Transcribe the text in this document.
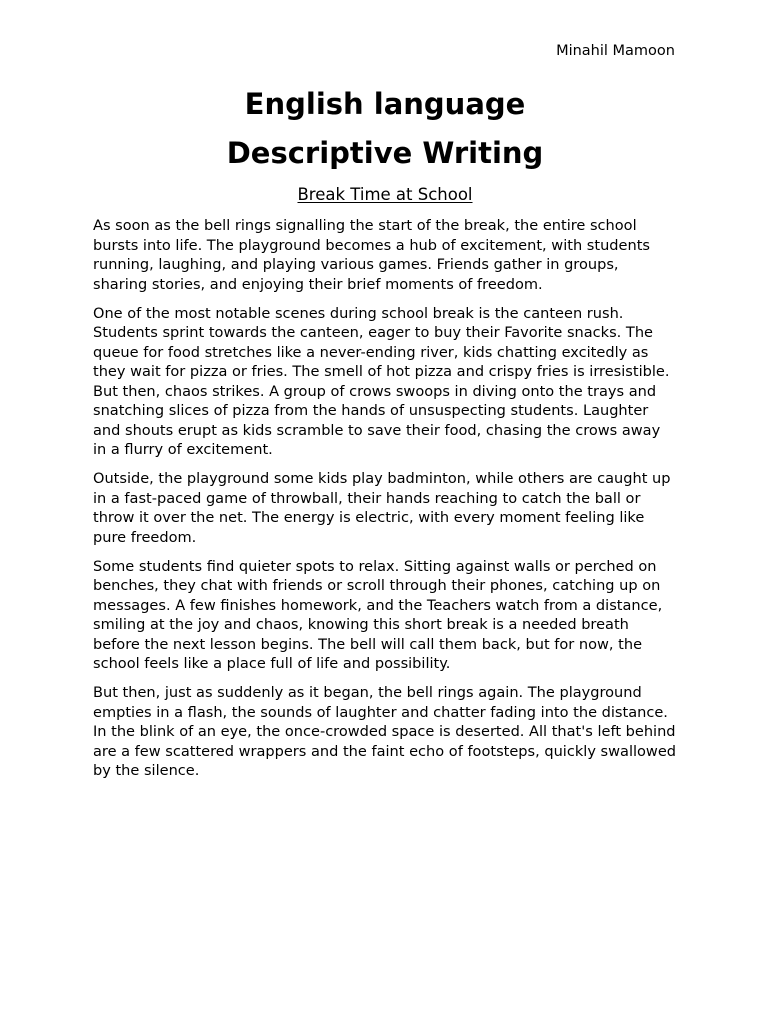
Minahil Mamoon
English language
Descriptive Writing
Break Time at School

As soon as the bell rings signalling the start of the break, the entire school bursts into life. The playground becomes a hub of excitement, with students running, laughing, and playing various games. Friends gather in groups, sharing stories, and enjoying their brief moments of freedom.

One of the most notable scenes during school break is the canteen rush. Students sprint towards the canteen, eager to buy their Favorite snacks. The queue for food stretches like a never-ending river, kids chatting excitedly as they wait for pizza or fries. The smell of hot pizza and crispy fries is irresistible. But then, chaos strikes. A group of crows swoops in diving onto the trays and snatching slices of pizza from the hands of unsuspecting students. Laughter and shouts erupt as kids scramble to save their food, chasing the crows away in a flurry of excitement.

Outside, the playground some kids play badminton, while others are caught up in a fast-paced game of throwball, their hands reaching to catch the ball or throw it over the net. The energy is electric, with every moment feeling like pure freedom.

Some students find quieter spots to relax. Sitting against walls or perched on benches, they chat with friends or scroll through their phones, catching up on messages. A few finishes homework, and the Teachers watch from a distance, smiling at the joy and chaos, knowing this short break is a needed breath before the next lesson begins. The bell will call them back, but for now, the school feels like a place full of life and possibility.

But then, just as suddenly as it began, the bell rings again. The playground empties in a flash, the sounds of laughter and chatter fading into the distance. In the blink of an eye, the once-crowded space is deserted. All that's left behind are a few scattered wrappers and the faint echo of footsteps, quickly swallowed by the silence.
